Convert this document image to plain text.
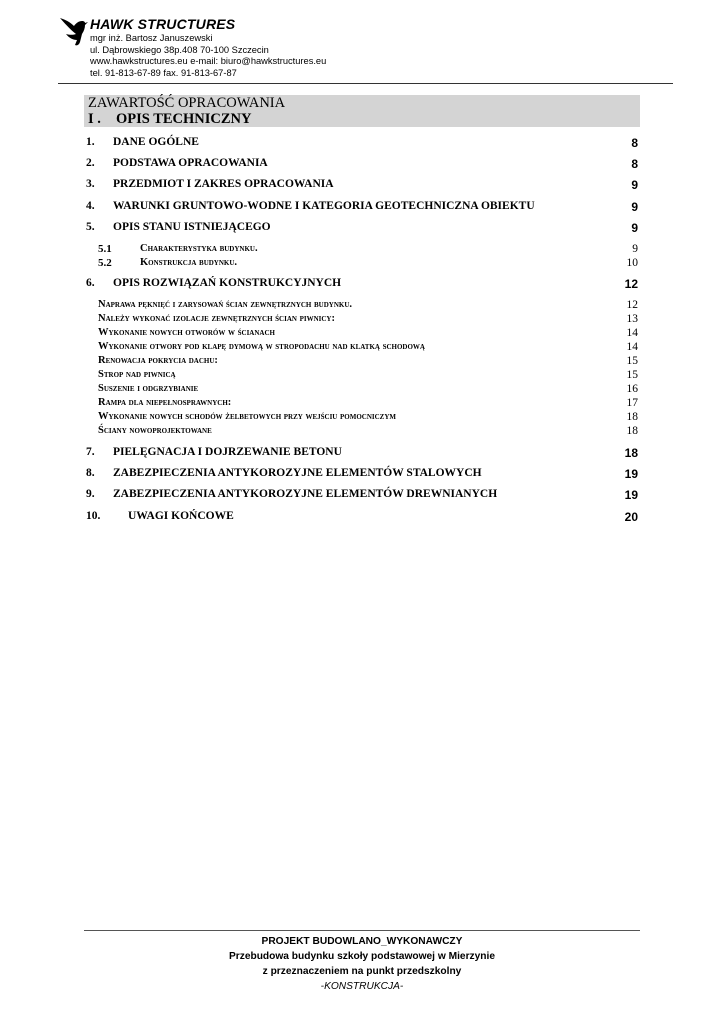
HAWK STRUCTURES
mgr inż. Bartosz Januszewski
ul. Dąbrowskiego 38p.408 70-100 Szczecin
www.hawkstructures.eu e-mail: biuro@hawkstructures.eu
tel. 91-813-67-89 fax. 91-813-67-87
ZAWARTOŚĆ OPRACOWANIA
I . OPIS TECHNICZNY
1. DANE OGÓLNE	8
2. PODSTAWA OPRACOWANIA	8
3. PRZEDMIOT I ZAKRES OPRACOWANIA	9
4. WARUNKI GRUNTOWO-WODNE I KATEGORIA GEOTECHNICZNA OBIEKTU	9
5. OPIS STANU ISTNIEJĄCEGO	9
5.1	Charakterystyka budynku.	9
5.2	Konstrukcja budynku.	10
6. OPIS ROZWIĄZAŃ KONSTRUKCYJNYCH	12
Naprawa pęknięć i zarysowań ścian zewnętrznych budynku.	12
Należy wykonać izolacje zewnętrznych ścian piwnicy:	13
Wykonanie nowych otworów w ścianach	14
Wykonanie otwory pod klapę dymową w stropodachu nad klatką schodową	14
Renowacja pokrycia dachu:	15
Strop nad piwnicą	15
Suszenie i odgrzybianie	16
Rampa dla niepełnosprawnych:	17
Wykonanie nowych schodów żelbetowych przy wejściu pomocniczym	18
Ściany nowoprojektowane	18
7. PIELĘGNACJA I DOJRZEWANIE BETONU	18
8. ZABEZPIECZENIA ANTYKOROZYJNE ELEMENTÓW STALOWYCH	19
9. ZABEZPIECZENIA ANTYKOROZYJNE ELEMENTÓW DREWNIANYCH	19
10. UWAGI KOŃCOWE	20
PROJEKT BUDOWLANO_WYKONAWCZY
Przebudowa budynku szkoły podstawowej w Mierzynie
z przeznaczeniem na punkt przedszkolny
-KONSTRUKCJA-
